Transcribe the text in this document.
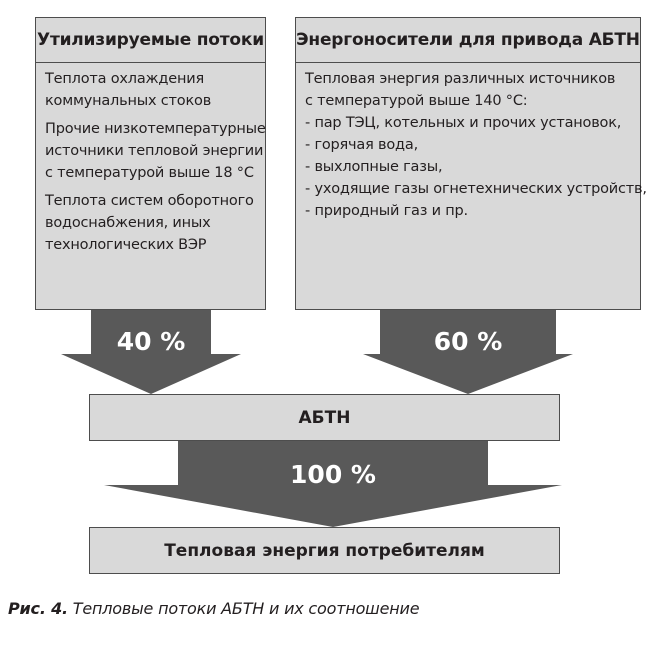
Утилизируемые потоки
Теплота охлаждения
коммунальных стоков
Прочие низкотемпературные
источники тепловой энергии
с температурой выше 18 °С
Теплота систем оборотного
водоснабжения, иных
технологических ВЭР
Энергоносители для привода АБТН
Тепловая энергия различных источников
с температурой выше 140 °С:
- пар ТЭЦ, котельных и прочих установок,
- горячая вода,
- выхлопные газы,
- уходящие газы огнетехнических устройств,
- природный газ и пр.
40 %	60 %
АБТН
100 %
Тепловая энергия потребителям
Рис. 4. Тепловые потоки АБТН и их соотношение
